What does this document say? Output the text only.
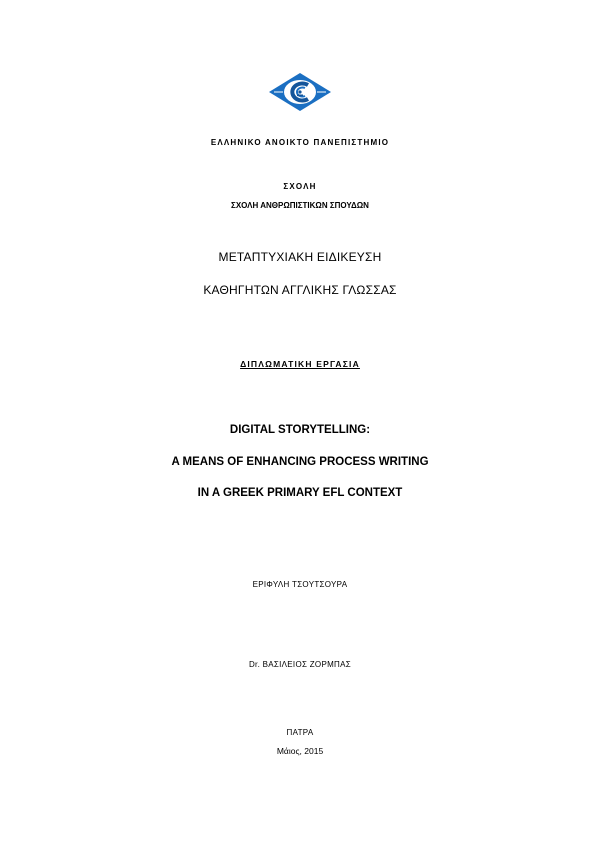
ΕΛΛΗΝΙΚΟ ΑΝΟΙΚΤΟ ΠΑΝΕΠΙΣΤΗΜΙΟ
ΣΧΟΛΗ
ΣΧΟΛΗ ΑΝΘΡΩΠΙΣΤΙΚΩΝ ΣΠΟΥΔΩΝ
ΜΕΤΑΠΤΥΧΙΑΚΗ ΕΙΔΙΚΕΥΣΗ
ΚΑΘΗΓΗΤΩΝ ΑΓΓΛΙΚΗΣ ΓΛΩΣΣΑΣ
ΔΙΠΛΩΜΑΤΙΚΗ ΕΡΓΑΣΙΑ
DIGITAL STORYTELLING:
A MEANS OF ENHANCING PROCESS WRITING
IN A GREEK PRIMARY EFL CONTEXT
ΕΡΙΦΥΛΗ ΤΣΟΥΤΣΟΥΡΑ
Dr. ΒΑΣΙΛΕΙΟΣ ΖΟΡΜΠΑΣ
ΠΑΤΡΑ
Μάιος, 2015
